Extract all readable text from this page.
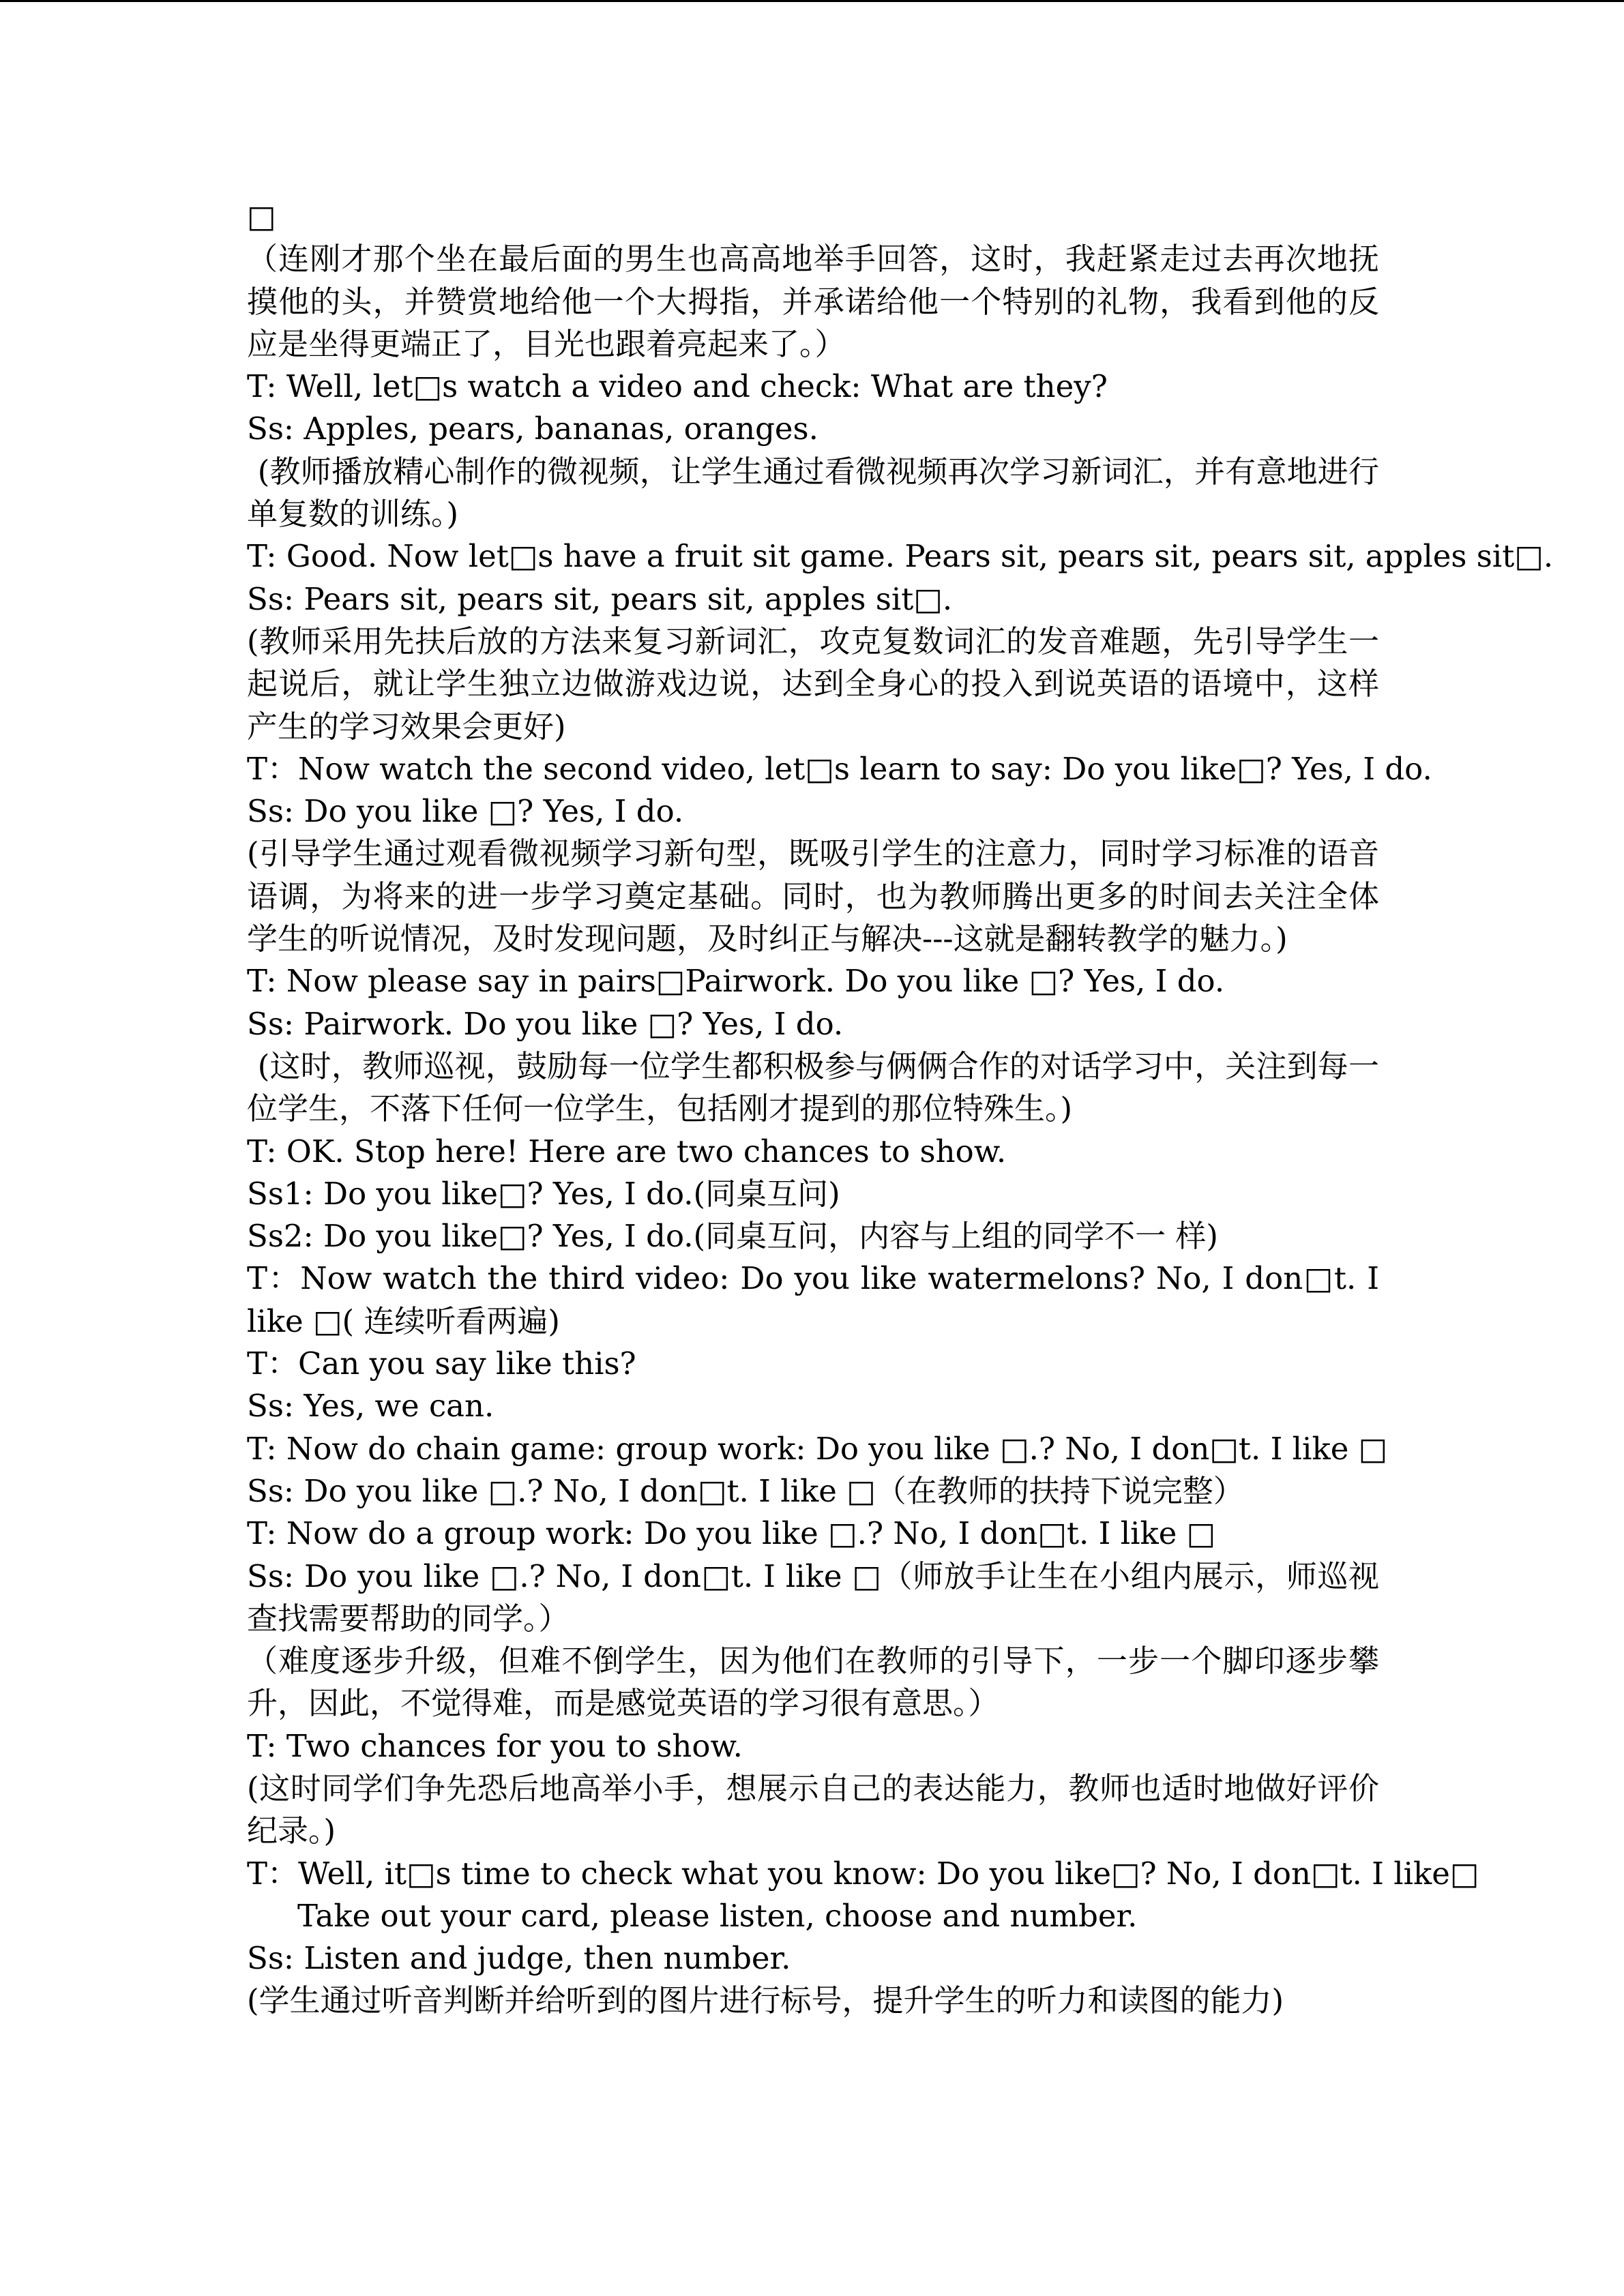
□
（连刚才那个坐在最后面的男生也高高地举手回答，这时，我赶紧走过去再次地抚摸他的头，并赞赏地给他一个大拇指，并承诺给他一个特别的礼物，我看到他的反应是坐得更端正了，目光也跟着亮起来了。）
T: Well, let□s watch a video and check: What are they?
Ss: Apples, pears, bananas, oranges.
(教师播放精心制作的微视频，让学生通过看微视频再次学习新词汇，并有意地进行单复数的训练。)
T: Good. Now let□s have a fruit sit game. Pears sit, pears sit, pears sit, apples sit□.
Ss: Pears sit, pears sit, pears sit, apples sit□.
(教师采用先扶后放的方法来复习新词汇，攻克复数词汇的发音难题，先引导学生一起说后，就让学生独立边做游戏边说，达到全身心的投入到说英语的语境中，这样产生的学习效果会更好)
T：Now watch the second video, let□s learn to say: Do you like□? Yes, I do.
Ss: Do you like □? Yes, I do.
(引导学生通过观看微视频学习新句型，既吸引学生的注意力，同时学习标准的语音语调，为将来的进一步学习奠定基础。同时，也为教师腾出更多的时间去关注全体学生的听说情况，及时发现问题，及时纠正与解决---这就是翻转教学的魅力。)
T: Now please say in pairs□Pairwork. Do you like □? Yes, I do.
Ss: Pairwork. Do you like □? Yes, I do.
(这时，教师巡视，鼓励每一位学生都积极参与俩俩合作的对话学习中，关注到每一位学生，不落下任何一位学生，包括刚才提到的那位特殊生。)
T: OK. Stop here! Here are two chances to show.
Ss1: Do you like□? Yes, I do.(同桌互问)
Ss2: Do you like□? Yes, I do.(同桌互问，内容与上组的同学不一 样)
T：Now watch the third video: Do you like watermelons? No, I don□t. I like □( 连续听看两遍)
T：Can you say like this?
Ss: Yes, we can.
T: Now do chain game: group work: Do you like □.? No, I don□t. I like □
Ss: Do you like □.? No, I don□t. I like □（在教师的扶持下说完整）
T: Now do a group work: Do you like □.? No, I don□t. I like □
Ss: Do you like □.? No, I don□t. I like □（师放手让生在小组内展示，师巡视查找需要帮助的同学。）
（难度逐步升级，但难不倒学生，因为他们在教师的引导下，一步一个脚印逐步攀升，因此，不觉得难，而是感觉英语的学习很有意思。）
T: Two chances for you to show.
(这时同学们争先恐后地高举小手，想展示自己的表达能力，教师也适时地做好评价纪录。)
T：Well, it□s time to check what you know: Do you like□? No, I don□t. I like□
Take out your card, please listen, choose and number.
Ss: Listen and judge, then number.
(学生通过听音判断并给听到的图片进行标号，提升学生的听力和读图的能力)
